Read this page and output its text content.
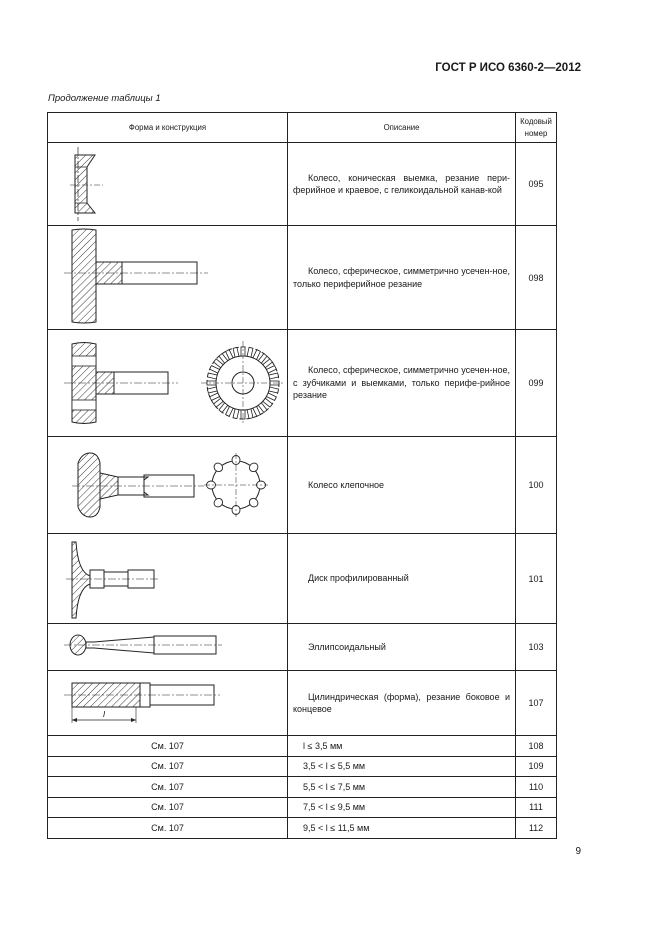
ГОСТ Р ИСО 6360-2—2012
Продолжение таблицы 1
Форма и конструкция	Описание	Кодовый номер

Колесо, коническая выемка, резание пери-ферийное и краевое, с геликоидальной канав-кой	095

Колесо, сферическое, симметрично усечен-ное, только периферийное резание	098

Колесо, сферическое, симметрично усечен-ное, с зубчиками и выемками, только перифе-рийное резание	099

Колесо клепочное	100

Диск профилированный	101

Эллипсоидальный	103

l	Цилиндрическая (форма), резание боковое и концевое	107
См. 107	l ≤ 3,5 мм	108
См. 107	3,5 < l ≤ 5,5 мм	109
См. 107	5,5 < l ≤ 7,5 мм	110
См. 107	7,5 < l ≤ 9,5 мм	111
См. 107	9,5 < l ≤ 11,5 мм	112
9
